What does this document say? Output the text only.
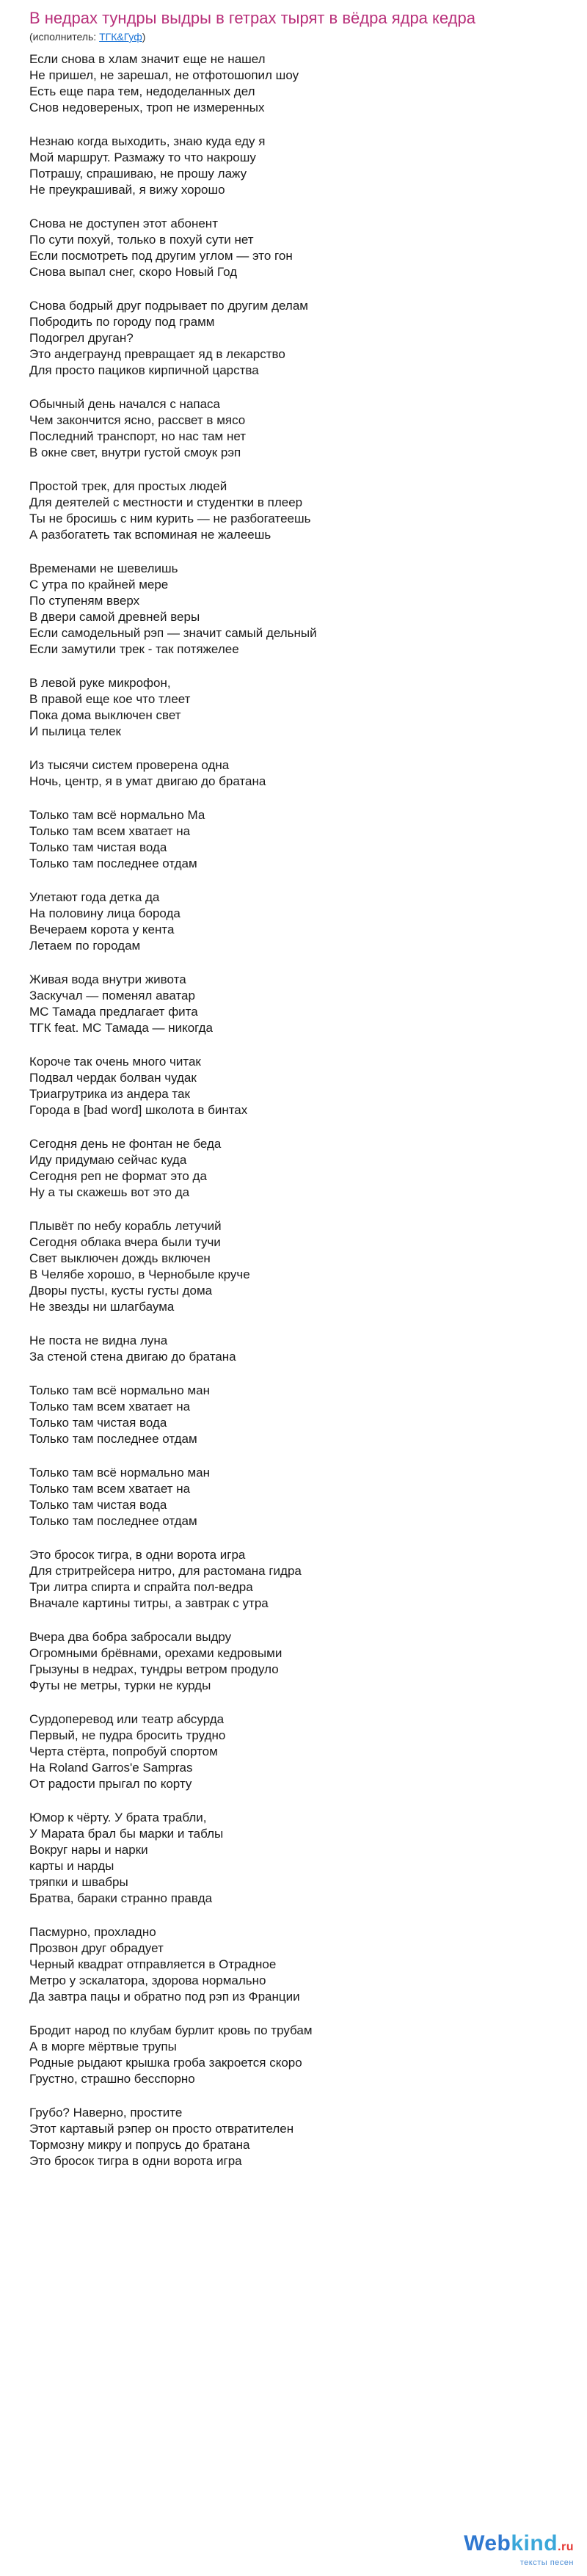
В недрах тундры выдры в гетрах тырят в вёдра ядра кедра
(исполнитель: ТГК&Гуф)
Если снова в хлам значит еще не нашел
Не пришел, не зарешал, не отфотошопил шоу
Есть еще пара тем, недоделанных дел
Снов недовереных, троп не измеренных
Незнаю когда выходить, знаю куда еду я
Мой маршрут. Размажу то что накрошу
Потрашу, спрашиваю, не прошу лажу
Не преукрашивай, я вижу хорошо
Снова не доступен этот абонент
По сути похуй, только в похуй сути нет
Если посмотреть под другим углом — это гон
Снова выпал снег, скоро Новый Год
Снова бодрый друг подрывает по другим делам
Побродить по городу под грамм
Подогрел друган?
Это андеграунд превращает яд в лекарство
Для просто пациков кирпичной царства
Обычный день начался с напаса
Чем закончится ясно, рассвет в мясо
Последний транспорт, но нас там нет
В окне свет, внутри густой смоук рэп
Простой трек, для простых людей
Для деятелей с местности и студентки в плеер
Ты не бросишь с ним курить — не разбогатеешь
А разбогатеть так вспоминая не жалеешь
Временами не шевелишь
С утра по крайней мере
По ступеням вверх
В двери самой древней веры
Если самодельный рэп — значит самый дельный
Если замутили трек - так потяжелее
В левой руке микрофон,
В правой еще кое что тлеет
Пока дома выключен свет
И пылица телек
Из тысячи систем проверена одна
Ночь, центр, я в умат двигаю до братана
Только там всё нормально Ма
Только там всем хватает на
Только там чистая вода
Только там последнее отдам
Улетают года детка да
На половину лица борода
Вечераем корота у кента
Летаем по городам
Живая вода внутри живота
Заскучал — поменял аватар
МС Тамада предлагает фита
ТГК feat. МС Тамада — никогда
Короче так очень много читак
Подвал чердак болван чудак
Триагрутрика из андера так
Города в [bad word] школота в бинтах
Сегодня день не фонтан не беда
Иду придумаю сейчас куда
Сегодня реп не формат это да
Ну а ты скажешь вот это да
Плывёт по небу корабль летучий
Сегодня облака вчера были тучи
Свет выключен дождь включен
В Челябе хорошо, в Чернобыле круче
Дворы пусты, кусты густы дома
Не звезды ни шлагбаума
Не поста не видна луна
За стеной стена двигаю до братана
Только там всё нормально ман
Только там всем хватает на
Только там чистая вода
Только там последнее отдам
Только там всё нормально ман
Только там всем хватает на
Только там чистая вода
Только там последнее отдам
Это бросок тигра, в одни ворота игра
Для стритрейсера нитро, для растомана гидра
Три литра спирта и спрайта пол-ведра
Вначале картины титры, а завтрак с утра
Вчера два бобра забросали выдру
Огромными брёвнами, орехами кедровыми
Грызуны в недрах, тундры ветром продуло
Футы не метры, турки не курды
Сурдоперевод или театр абсурда
Первый, не пудра бросить трудно
Черта стёрта, попробуй спортом
На Roland Garros'e Sampras
От радости прыгал по корту
Юмор к чёрту. У брата трабли,
У Марата брал бы марки и таблы
Вокруг нары и нарки
карты и нарды
тряпки и швабры
Братва, бараки странно правда
Пасмурно, прохладно
Прозвон друг обрадует
Черный квадрат отправляется в Отрадное
Метро у эскалатора, здорова нормально
Да завтра пацы и обратно под рэп из Франции
Бродит народ по клубам бурлит кровь по трубам
А в морге мёртвые трупы
Родные рыдают крышка гроба закроется скоро
Грустно, страшно бесспорно
Грубо? Наверно, простите
Этот картавый рэпер он просто отвратителен
Тормозну микру и попрусь до братана
Это бросок тигра в одни ворота игра
Webkind.ru
тексты песен
